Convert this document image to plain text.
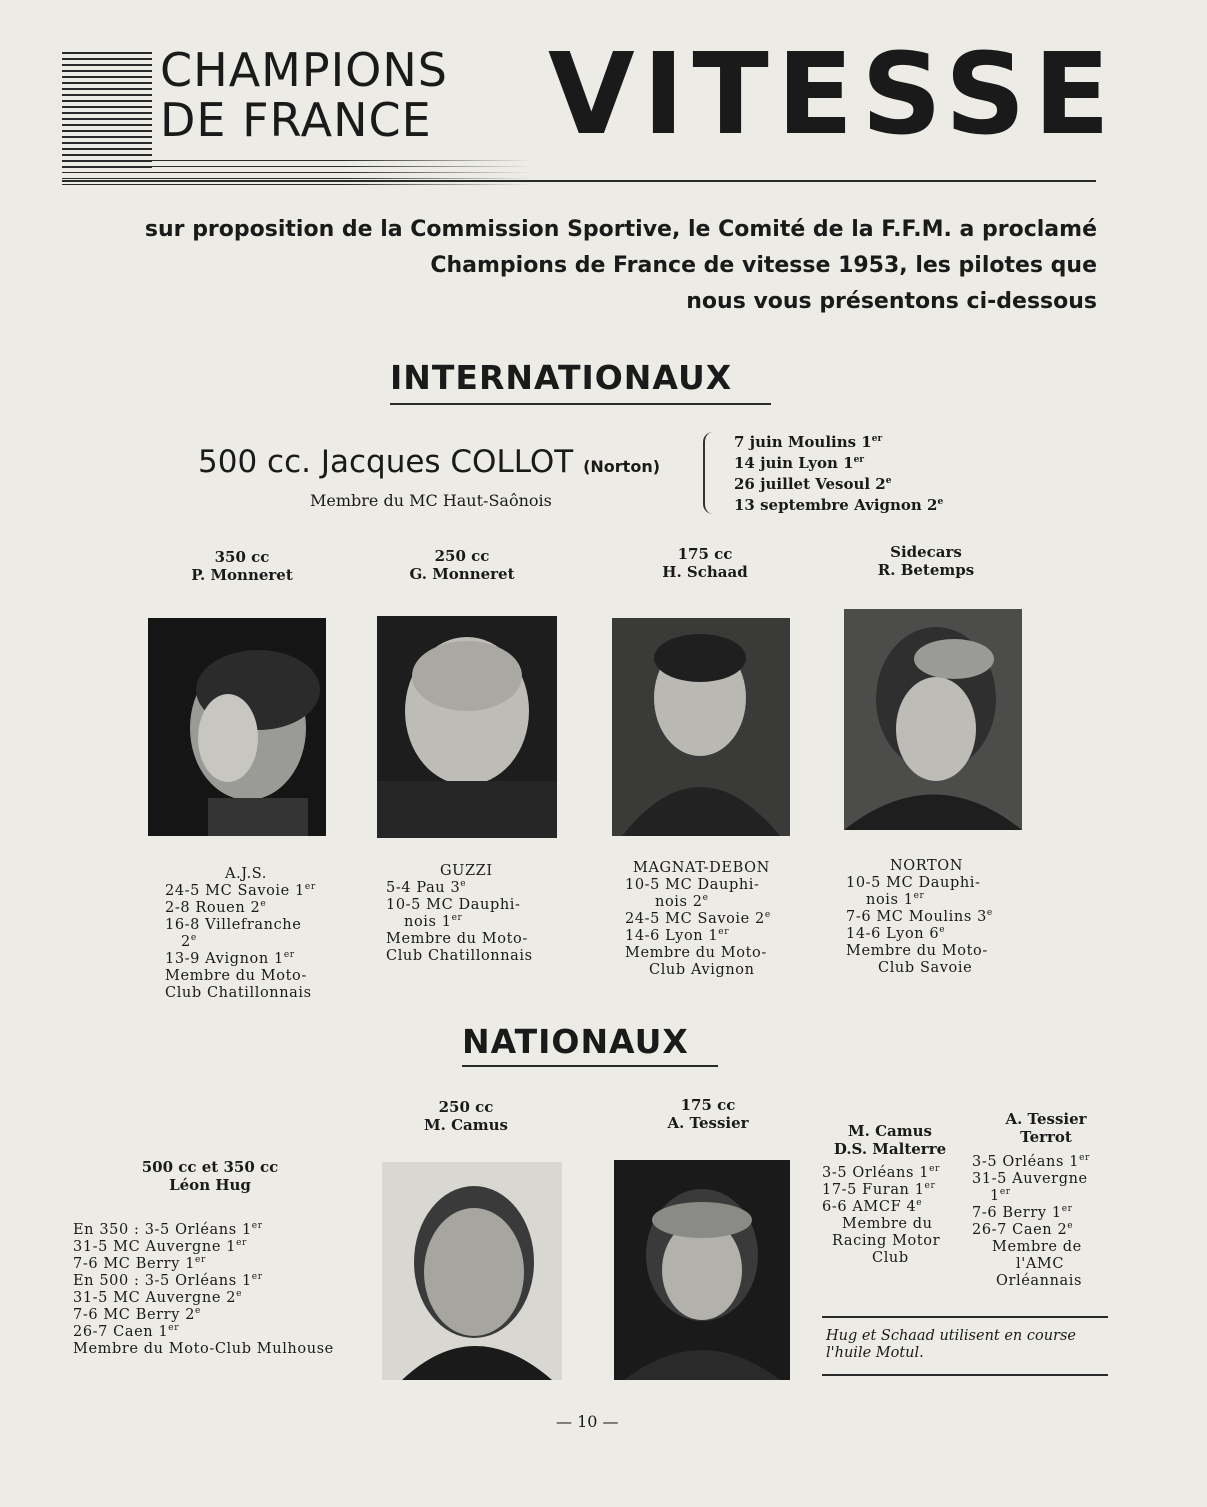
CHAMPIONS
DE FRANCE	VITESSE
sur proposition de la Commission Sportive, le Comité de la F.F.M. a proclamé
Champions de France de vitesse 1953, les pilotes que
nous vous présentons ci-dessous
INTERNATIONAUX
500 cc. Jacques COLLOT (Norton)
Membre du MC Haut-Saônois
7 juin Moulins 1er
14 juin Lyon 1er
26 juillet Vesoul 2e
13 septembre Avignon 2e
350 cc
P. Monneret
250 cc
G. Monneret
175 cc
H. Schaad
Sidecars
R. Betemps
A.J.S.
24-5 MC Savoie 1er
2-8 Rouen 2e
16-8 Villefranche
2e
13-9 Avignon 1er
Membre du Moto-
Club Chatillonnais
GUZZI
5-4 Pau 3e
10-5 MC Dauphi-
nois 1er
Membre du Moto-
Club Chatillonnais
MAGNAT-DEBON
10-5 MC Dauphi-
nois 2e
24-5 MC Savoie 2e
14-6 Lyon 1er
Membre du Moto-
Club Avignon
NORTON
10-5 MC Dauphi-
nois 1er
7-6 MC Moulins 3e
14-6 Lyon 6e
Membre du Moto-
Club Savoie
NATIONAUX
500 cc et 350 cc
Léon Hug
En 350 : 3-5 Orléans 1er
31-5 MC Auvergne 1er
7-6 MC Berry 1er
En 500 : 3-5 Orléans 1er
31-5 MC Auvergne 2e
7-6 MC Berry 2e
26-7 Caen 1er
Membre du Moto-Club Mulhouse
250 cc
M. Camus
175 cc
A. Tessier	M. Camus
D.S. Malterre
3-5 Orléans 1er
17-5 Furan 1er
6-6 AMCF 4e
Membre du
Racing Motor
Club
A. Tessier
Terrot
3-5 Orléans 1er
31-5 Auvergne
1er
7-6 Berry 1er
26-7 Caen 2e
Membre de
l'AMC
Orléannais
Hug et Schaad utilisent en course l'huile Motul.
— 10 —
